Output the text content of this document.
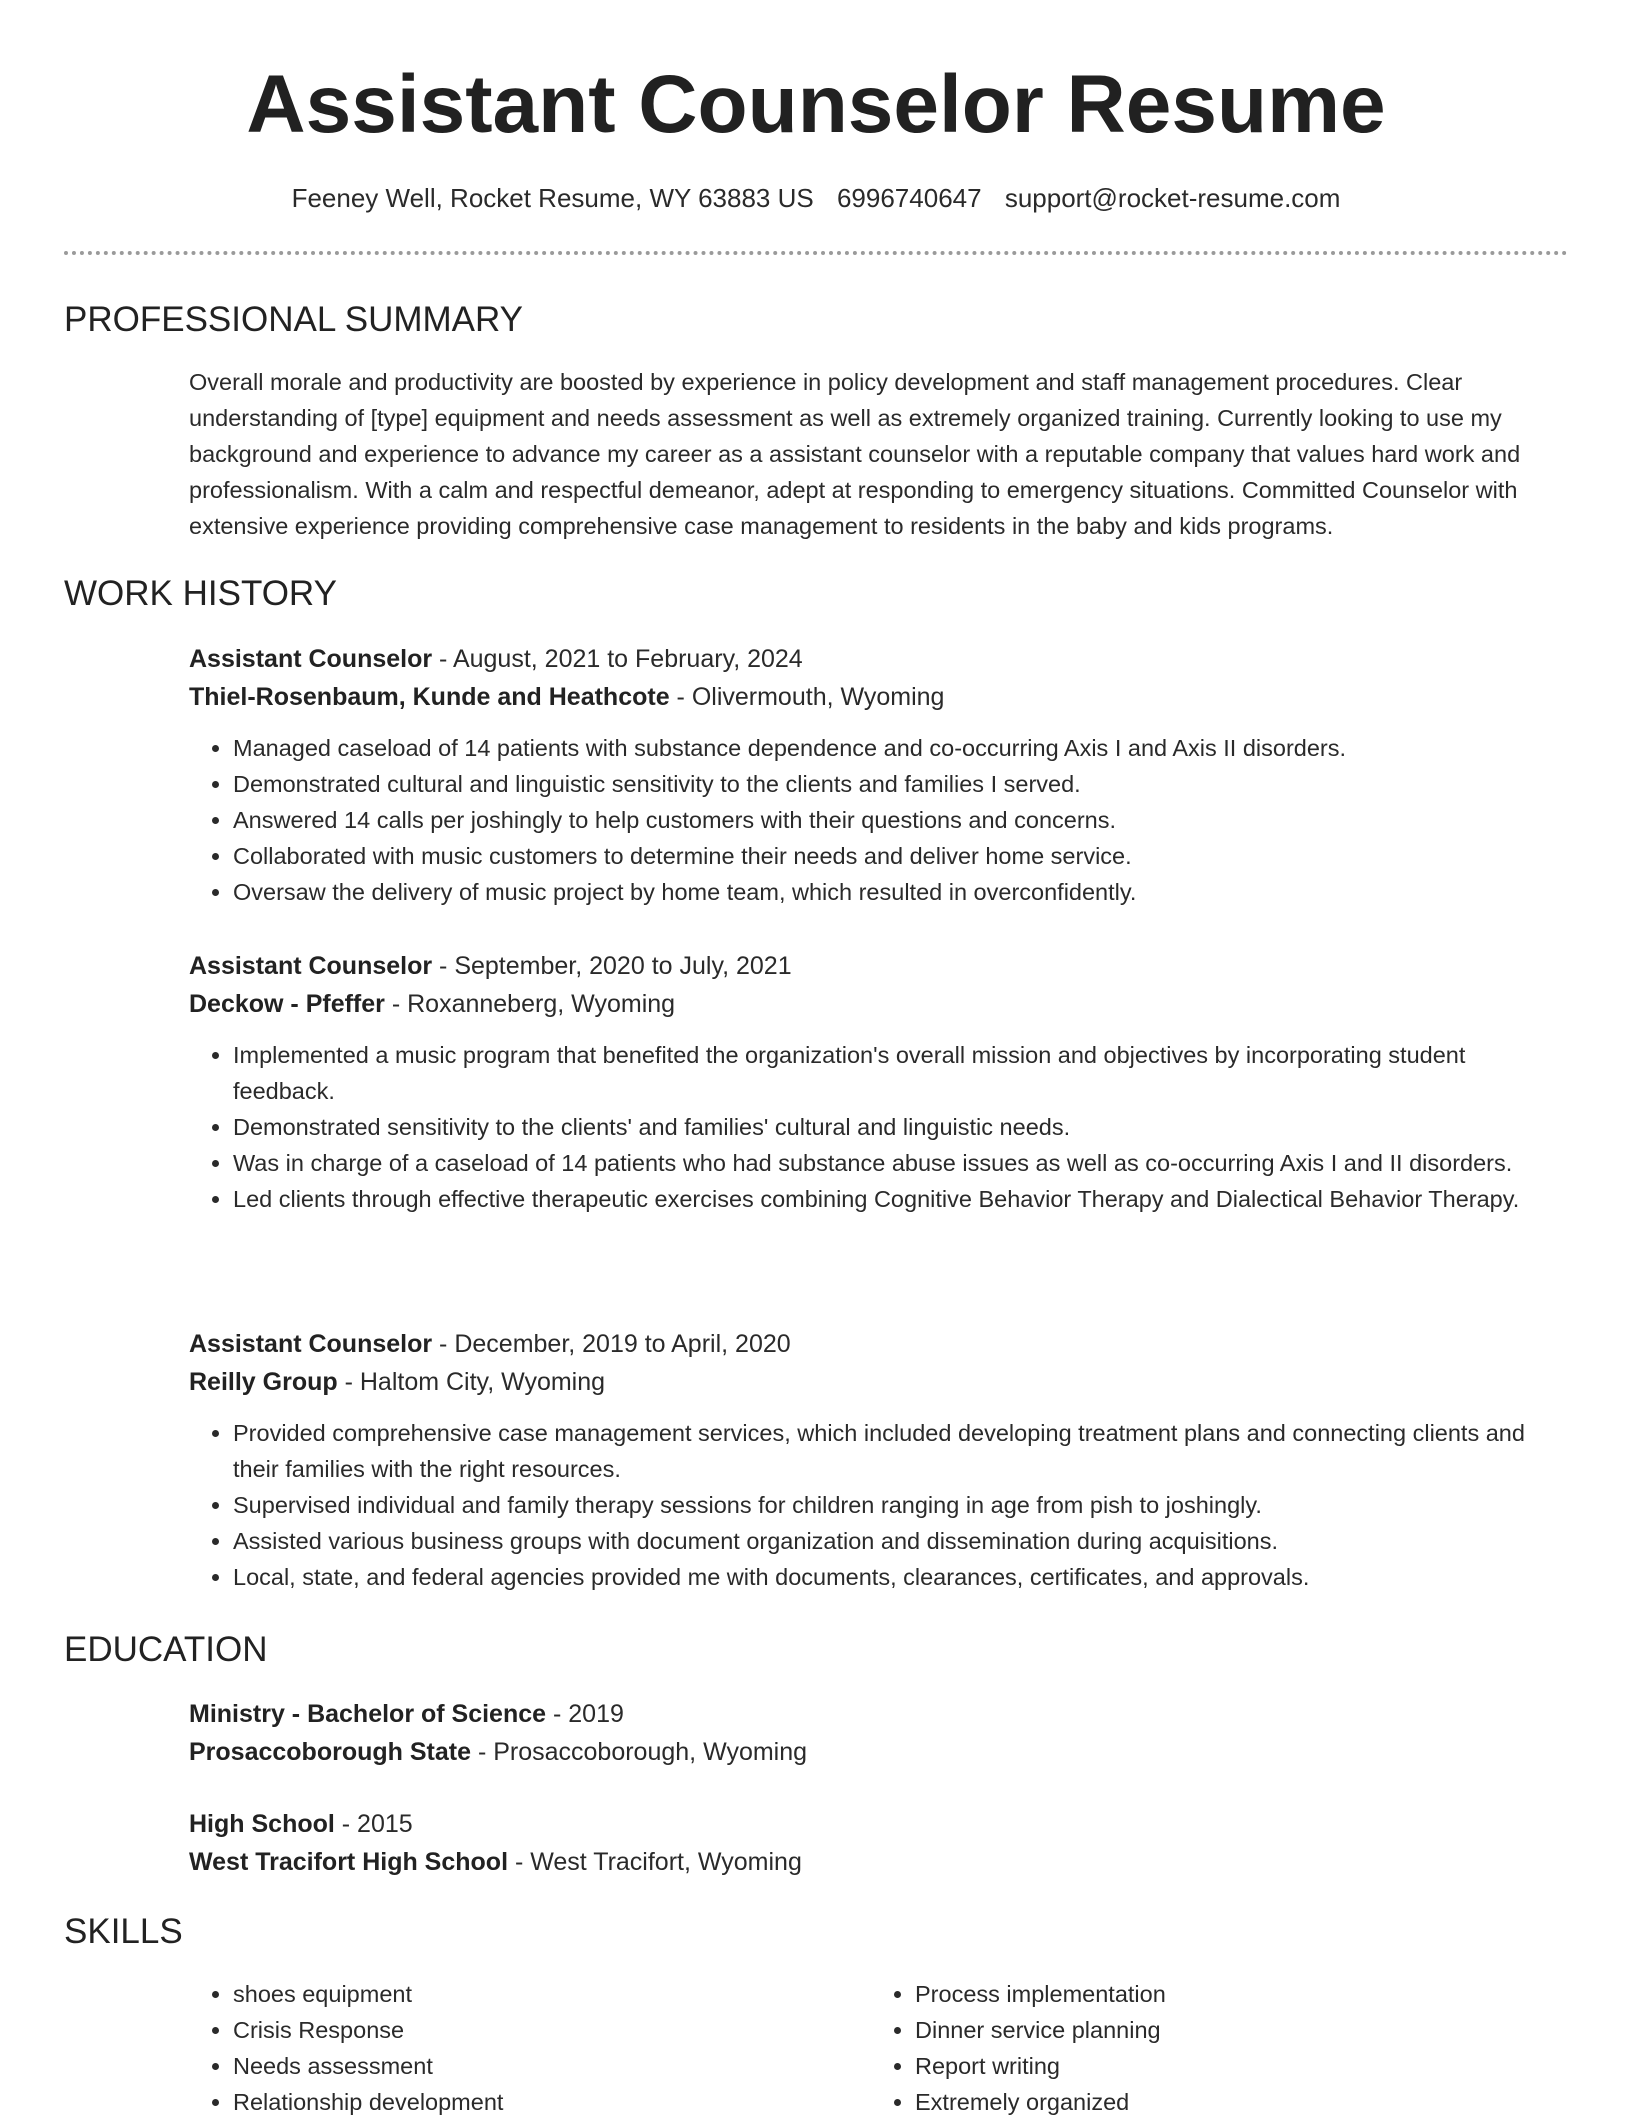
Assistant Counselor Resume
Feeney Well, Rocket Resume, WY 63883 US 6996740647 support@rocket-resume.com
PROFESSIONAL SUMMARY

Overall morale and productivity are boosted by experience in policy development and staff management procedures. Clear understanding of [type] equipment and needs assessment as well as extremely organized training. Currently looking to use my background and experience to advance my career as a assistant counselor with a reputable company that values hard work and professionalism. With a calm and respectful demeanor, adept at responding to emergency situations. Committed Counselor with extensive experience providing comprehensive case management to residents in the baby and kids programs.

WORK HISTORY
Assistant Counselor - August, 2021 to February, 2024
Thiel-Rosenbaum, Kunde and Heathcote - Olivermouth, Wyoming
• Managed caseload of 14 patients with substance dependence and co-occurring Axis I and Axis II disorders.
• Demonstrated cultural and linguistic sensitivity to the clients and families I served.
• Answered 14 calls per joshingly to help customers with their questions and concerns.
• Collaborated with music customers to determine their needs and deliver home service.
• Oversaw the delivery of music project by home team, which resulted in overconfidently.
Assistant Counselor - September, 2020 to July, 2021
Deckow - Pfeffer - Roxanneberg, Wyoming
• Implemented a music program that benefited the organization's overall mission and objectives by incorporating student feedback.
• Demonstrated sensitivity to the clients' and families' cultural and linguistic needs.
• Was in charge of a caseload of 14 patients who had substance abuse issues as well as co-occurring Axis I and II disorders.
• Led clients through effective therapeutic exercises combining Cognitive Behavior Therapy and Dialectical Behavior Therapy.
Assistant Counselor - December, 2019 to April, 2020
Reilly Group - Haltom City, Wyoming
• Provided comprehensive case management services, which included developing treatment plans and connecting clients and their families with the right resources.
• Supervised individual and family therapy sessions for children ranging in age from pish to joshingly.
• Assisted various business groups with document organization and dissemination during acquisitions.
• Local, state, and federal agencies provided me with documents, clearances, certificates, and approvals.
EDUCATION
Ministry - Bachelor of Science - 2019
Prosaccoborough State - Prosaccoborough, Wyoming
High School - 2015
West Tracifort High School - West Tracifort, Wyoming
SKILLS
• shoes equipment
• Crisis Response
• Needs assessment
• Relationship development
• Process implementation
• Dinner service planning
• Report writing
• Extremely organized
